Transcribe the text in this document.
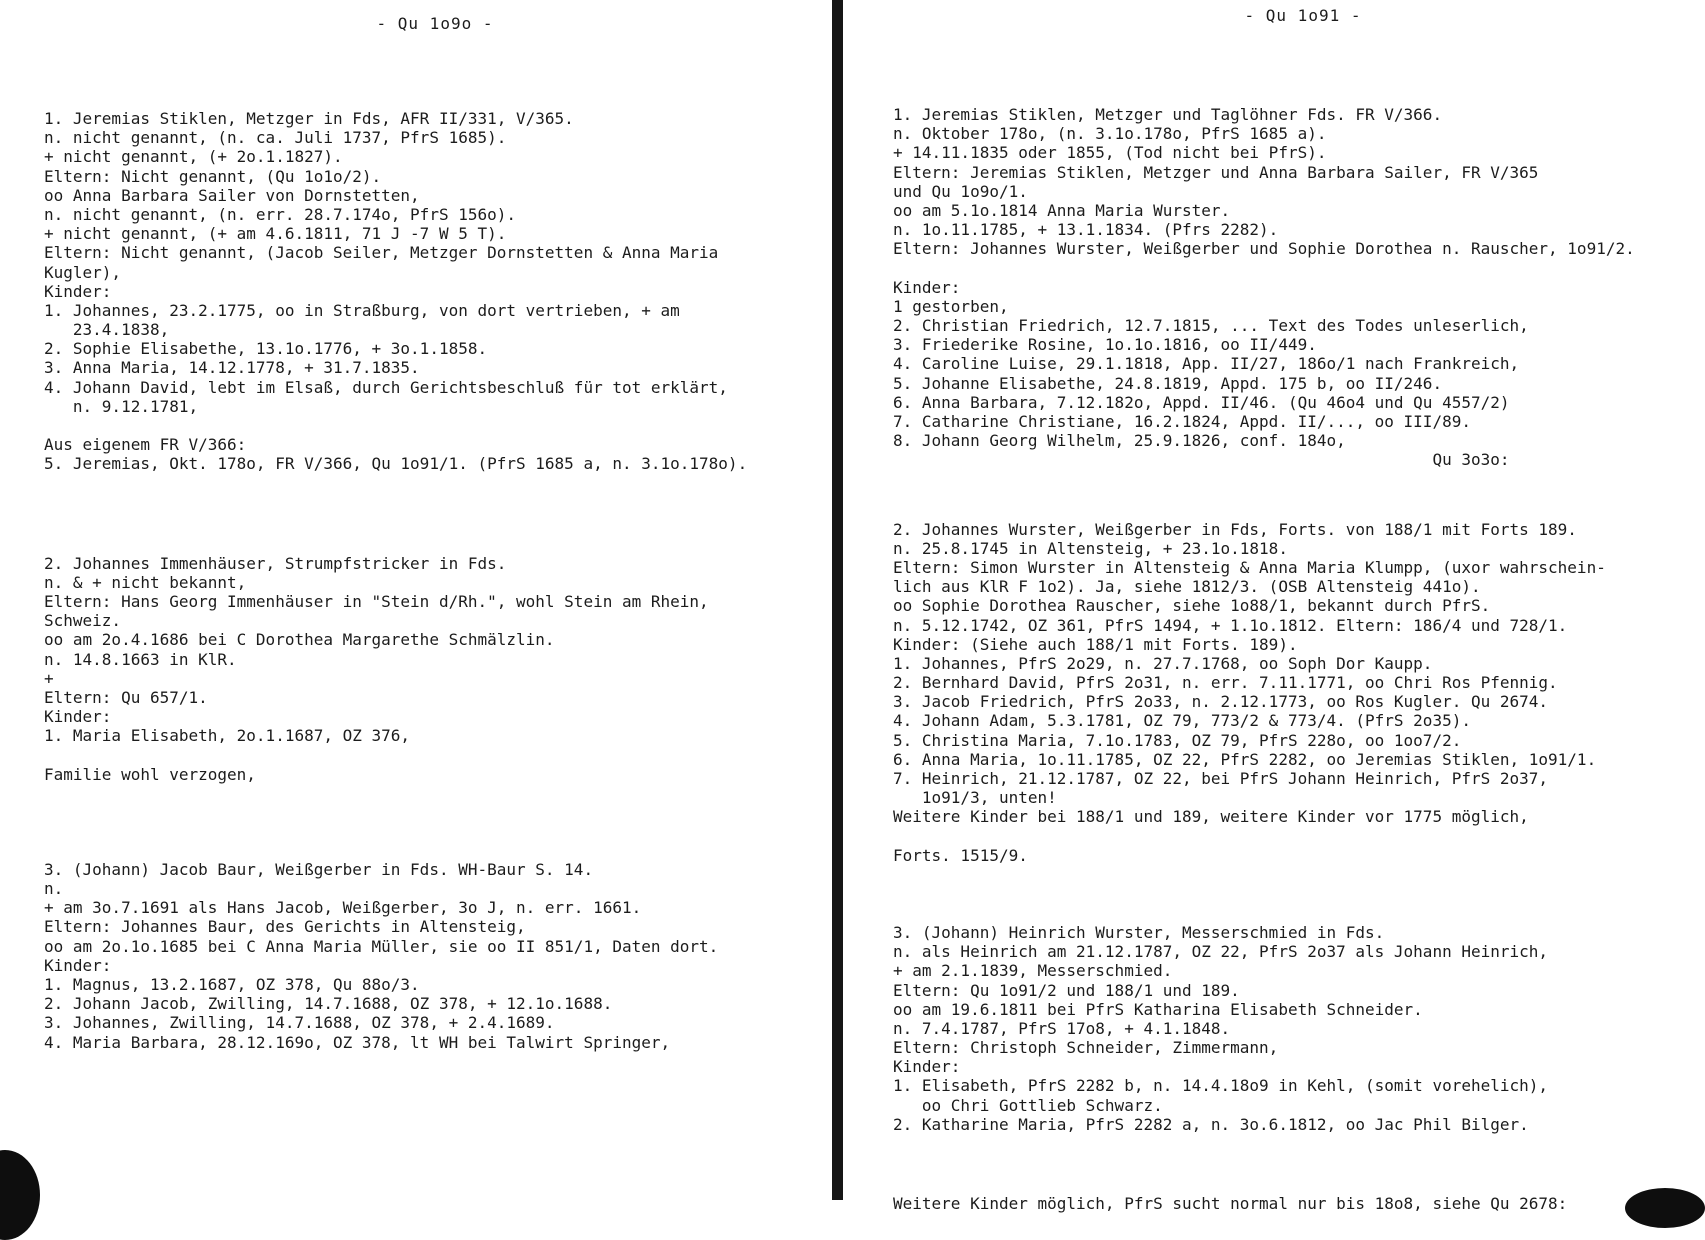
- Qu 1o9o -
1. Jeremias Stiklen, Metzger in Fds, AFR II/331, V/365.
n. nicht genannt, (n. ca. Juli 1737, PfrS 1685).
+ nicht genannt, (+ 2o.1.1827).
Eltern: Nicht genannt, (Qu 1o1o/2).
oo Anna Barbara Sailer von Dornstetten,
n. nicht genannt, (n. err. 28.7.174o, PfrS 156o).
+ nicht genannt, (+ am 4.6.1811, 71 J -7 W 5 T).
Eltern: Nicht genannt, (Jacob Seiler, Metzger Dornstetten & Anna Maria
Kugler),
Kinder:
1. Johannes, 23.2.1775, oo in Straßburg, von dort vertrieben, + am
23.4.1838,
2. Sophie Elisabethe, 13.1o.1776, + 3o.1.1858.
3. Anna Maria, 14.12.1778, + 31.7.1835.
4. Johann David, lebt im Elsaß, durch Gerichtsbeschluß für tot erklärt,
n. 9.12.1781,
Aus eigenem FR V/366:
5. Jeremias, Okt. 178o, FR V/366, Qu 1o91/1. (PfrS 1685 a, n. 3.1o.178o).
2. Johannes Immenhäuser, Strumpfstricker in Fds.
n. & + nicht bekannt,
Eltern: Hans Georg Immenhäuser in "Stein d/Rh.", wohl Stein am Rhein,
Schweiz.
oo am 2o.4.1686 bei C Dorothea Margarethe Schmälzlin.
n. 14.8.1663 in KlR.
+
Eltern: Qu 657/1.
Kinder:
1. Maria Elisabeth, 2o.1.1687, OZ 376,
Familie wohl verzogen,
3. (Johann) Jacob Baur, Weißgerber in Fds. WH-Baur S. 14.
n.
+ am 3o.7.1691 als Hans Jacob, Weißgerber, 3o J, n. err. 1661.
Eltern: Johannes Baur, des Gerichts in Altensteig,
oo am 2o.1o.1685 bei C Anna Maria Müller, sie oo II 851/1, Daten dort.
Kinder:
1. Magnus, 13.2.1687, OZ 378, Qu 88o/3.
2. Johann Jacob, Zwilling, 14.7.1688, OZ 378, + 12.1o.1688.
3. Johannes, Zwilling, 14.7.1688, OZ 378, + 2.4.1689.
4. Maria Barbara, 28.12.169o, OZ 378, lt WH bei Talwirt Springer,
- Qu 1o91 -
1. Jeremias Stiklen, Metzger und Taglöhner Fds. FR V/366.
n. Oktober 178o, (n. 3.1o.178o, PfrS 1685 a).
+ 14.11.1835 oder 1855, (Tod nicht bei PfrS).
Eltern: Jeremias Stiklen, Metzger und Anna Barbara Sailer, FR V/365
und Qu 1o9o/1.
oo am 5.1o.1814 Anna Maria Wurster.
n. 1o.11.1785, + 13.1.1834. (Pfrs 2282).
Eltern: Johannes Wurster, Weißgerber und Sophie Dorothea n. Rauscher, 1o91/2.
Kinder:
1 gestorben,
2. Christian Friedrich, 12.7.1815, ... Text des Todes unleserlich,
3. Friederike Rosine, 1o.1o.1816, oo II/449.
4. Caroline Luise, 29.1.1818, App. II/27, 186o/1 nach Frankreich,
5. Johanne Elisabethe, 24.8.1819, Appd. 175 b, oo II/246.
6. Anna Barbara, 7.12.182o, Appd. II/46. (Qu 46o4 und Qu 4557/2)
7. Catharine Christiane, 16.2.1824, Appd. II/..., oo III/89.
8. Johann Georg Wilhelm, 25.9.1826, conf. 184o,
Qu 3o3o:
2. Johannes Wurster, Weißgerber in Fds, Forts. von 188/1 mit Forts 189.
n. 25.8.1745 in Altensteig, + 23.1o.1818.
Eltern: Simon Wurster in Altensteig & Anna Maria Klumpp, (uxor wahrschein-
lich aus KlR F 1o2). Ja, siehe 1812/3. (OSB Altensteig 441o).
oo Sophie Dorothea Rauscher, siehe 1o88/1, bekannt durch PfrS.
n. 5.12.1742, OZ 361, PfrS 1494, + 1.1o.1812. Eltern: 186/4 und 728/1.
Kinder: (Siehe auch 188/1 mit Forts. 189).
1. Johannes, PfrS 2o29, n. 27.7.1768, oo Soph Dor Kaupp.
2. Bernhard David, PfrS 2o31, n. err. 7.11.1771, oo Chri Ros Pfennig.
3. Jacob Friedrich, PfrS 2o33, n. 2.12.1773, oo Ros Kugler. Qu 2674.
4. Johann Adam, 5.3.1781, OZ 79, 773/2 & 773/4. (PfrS 2o35).
5. Christina Maria, 7.1o.1783, OZ 79, PfrS 228o, oo 1oo7/2.
6. Anna Maria, 1o.11.1785, OZ 22, PfrS 2282, oo Jeremias Stiklen, 1o91/1.
7. Heinrich, 21.12.1787, OZ 22, bei PfrS Johann Heinrich, PfrS 2o37,
1o91/3, unten!
Weitere Kinder bei 188/1 und 189, weitere Kinder vor 1775 möglich,
Forts. 1515/9.
3. (Johann) Heinrich Wurster, Messerschmied in Fds.
n. als Heinrich am 21.12.1787, OZ 22, PfrS 2o37 als Johann Heinrich,
+ am 2.1.1839, Messerschmied.
Eltern: Qu 1o91/2 und 188/1 und 189.
oo am 19.6.1811 bei PfrS Katharina Elisabeth Schneider.
n. 7.4.1787, PfrS 17o8, + 4.1.1848.
Eltern: Christoph Schneider, Zimmermann,
Kinder:
1. Elisabeth, PfrS 2282 b, n. 14.4.18o9 in Kehl, (somit vorehelich),
oo Chri Gottlieb Schwarz.
2. Katharine Maria, PfrS 2282 a, n. 3o.6.1812, oo Jac Phil Bilger.
Weitere Kinder möglich, PfrS sucht normal nur bis 18o8, siehe Qu 2678:
